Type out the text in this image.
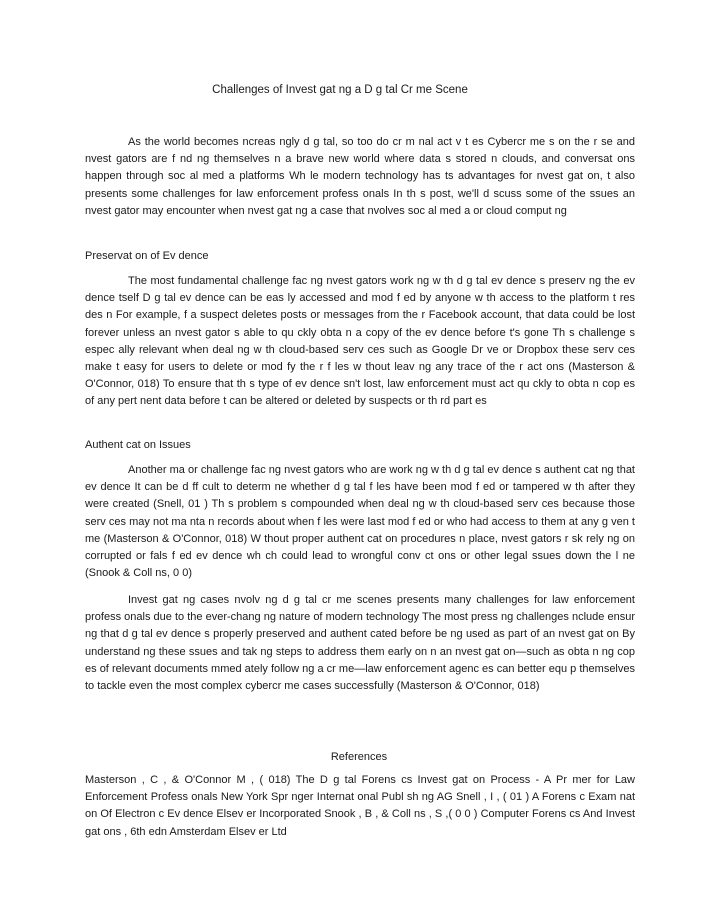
Challenges of Invest gat ng a D g tal Cr me Scene

As the world becomes ncreas ngly d g tal, so too do cr m nal act v t es Cybercr me s on the r se and nvest gators are f nd ng themselves n a brave new world where data s stored n clouds, and conversat ons happen through soc al med a platforms Wh le modern technology has ts advantages for nvest gat on, t also presents some challenges for law enforcement profess onals In th s post, we'll d scuss some of the ssues an nvest gator may encounter when nvest gat ng a case that nvolves soc al med a or cloud comput ng

Preservat on of Ev dence

The most fundamental challenge fac ng nvest gators work ng w th d g tal ev dence s preserv ng the ev dence tself D g tal ev dence can be eas ly accessed and mod f ed by anyone w th access to the platform t res des n For example, f a suspect deletes posts or messages from the r Facebook account, that data could be lost forever unless an nvest gator s able to qu ckly obta n a copy of the ev dence before t's gone Th s challenge s espec ally relevant when deal ng w th cloud-based serv ces such as Google Dr ve or Dropbox these serv ces make t easy for users to delete or mod fy the r f les w thout leav ng any trace of the r act ons (Masterson & O'Connor, 018) To ensure that th s type of ev dence sn't lost, law enforcement must act qu ckly to obta n cop es of any pert nent data before t can be altered or deleted by suspects or th rd part es

Authent cat on Issues

Another ma or challenge fac ng nvest gators who are work ng w th d g tal ev dence s authent cat ng that ev dence It can be d ff cult to determ ne whether d g tal f les have been mod f ed or tampered w th after they were created (Snell, 01 ) Th s problem s compounded when deal ng w th cloud-based serv ces because those serv ces may not ma nta n records about when f les were last mod f ed or who had access to them at any g ven t me (Masterson & O'Connor, 018) W thout proper authent cat on procedures n place, nvest gators r sk rely ng on corrupted or fals f ed ev dence wh ch could lead to wrongful conv ct ons or other legal ssues down the l ne (Snook & Coll ns, 0 0)

Invest gat ng cases nvolv ng d g tal cr me scenes presents many challenges for law enforcement profess onals due to the ever-chang ng nature of modern technology The most press ng challenges nclude ensur ng that d g tal ev dence s properly preserved and authent cated before be ng used as part of an nvest gat on By understand ng these ssues and tak ng steps to address them early on n an nvest gat on—such as obta n ng cop es of relevant documents mmed ately follow ng a cr me—law enforcement agenc es can better equ p themselves to tackle even the most complex cybercr me cases successfully (Masterson & O'Connor, 018)

References

Masterson , C , & O'Connor M , ( 018) The D g tal Forens cs Invest gat on Process - A Pr mer for Law Enforcement Profess onals New York Spr nger Internat onal Publ sh ng AG Snell , I , ( 01 ) A Forens c Exam nat on Of Electron c Ev dence Elsev er Incorporated Snook , B , & Coll ns , S ,( 0 0 ) Computer Forens cs And Invest gat ons , 6th edn Amsterdam Elsev er Ltd
